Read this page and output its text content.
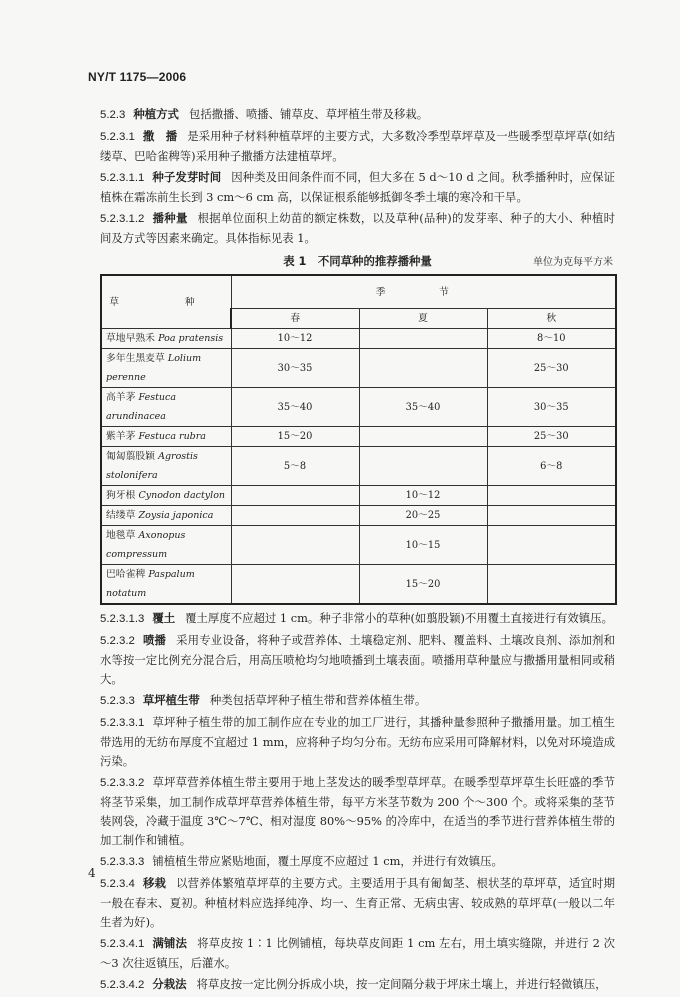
NY/T 1175—2006

5.2.3 种植方式 包括撒播、喷播、铺草皮、草坪植生带及移栽。

5.2.3.1 撒　播 是采用种子材料种植草坪的主要方式，大多数冷季型草坪草及一些暖季型草坪草(如结缕草、巴哈雀稗等)采用种子撒播方法建植草坪。

5.2.3.1.1 种子发芽时间 因种类及田间条件而不同，但大多在 5 d～10 d 之间。秋季播种时，应保证植株在霜冻前生长到 3 cm～6 cm 高，以保证根系能够抵御冬季土壤的寒冷和干旱。

5.2.3.1.2 播种量 根据单位面积上幼苗的额定株数，以及草种(品种)的发芽率、种子的大小、种植时间及方式等因素来确定。具体指标见表 1。

表 1　不同草种的推荐播种量	单位为克每平方米
草　种	季　节		
	春	夏	秋
草地早熟禾 Poa pratensis	10～12		8～10
多年生黑麦草 Lolium perenne	30～35		25～30
高羊茅 Festuca arundinacea	35～40	35～40	30～35
紫羊茅 Festuca rubra	15～20		25～30
匍匐翦股颖 Agrostis stolonifera	5～8		6～8
狗牙根 Cynodon dactylon		10～12	
结缕草 Zoysia japonica		20～25	
地毯草 Axonopus compressum		10～15	
巴哈雀稗 Paspalum notatum		15～20	

5.2.3.1.3 覆土 覆土厚度不应超过 1 cm。种子非常小的草种(如翦股颖)不用覆土直接进行有效镇压。

5.2.3.2 喷播 采用专业设备，将种子或营养体、土壤稳定剂、肥料、覆盖料、土壤改良剂、添加剂和水等按一定比例充分混合后，用高压喷枪均匀地喷播到土壤表面。喷播用草种量应与撒播用量相同或稍大。

5.2.3.3 草坪植生带 种类包括草坪种子植生带和营养体植生带。

5.2.3.3.1 草坪种子植生带的加工制作应在专业的加工厂进行，其播种量参照种子撒播用量。加工植生带选用的无纺布厚度不宜超过 1 mm，应将种子均匀分布。无纺布应采用可降解材料，以免对环境造成污染。

5.2.3.3.2 草坪草营养体植生带主要用于地上茎发达的暖季型草坪草。在暖季型草坪草生长旺盛的季节将茎节采集，加工制作成草坪草营养体植生带，每平方米茎节数为 200 个～300 个。或将采集的茎节装网袋，冷藏于温度 3℃～7℃、相对湿度 80%～95% 的冷库中，在适当的季节进行营养体植生带的加工制作和铺植。

5.2.3.3.3 铺植植生带应紧贴地面，覆土厚度不应超过 1 cm，并进行有效镇压。

5.2.3.4 移栽 以营养体繁殖草坪草的主要方式。主要适用于具有匍匐茎、根状茎的草坪草，适宜时期一般在春末、夏初。种植材料应选择纯净、均一、生育正常、无病虫害、较成熟的草坪草(一般以二年生者为好)。

5.2.3.4.1 满铺法 将草皮按 1∶1 比例铺植，每块草皮间距 1 cm 左右，用土填实缝隙，并进行 2 次～3 次往返镇压，后灌水。

5.2.3.4.2 分栽法 将草皮按一定比例分拆成小块，按一定间隔分栽于坪床土壤上，并进行轻微镇压，

4
